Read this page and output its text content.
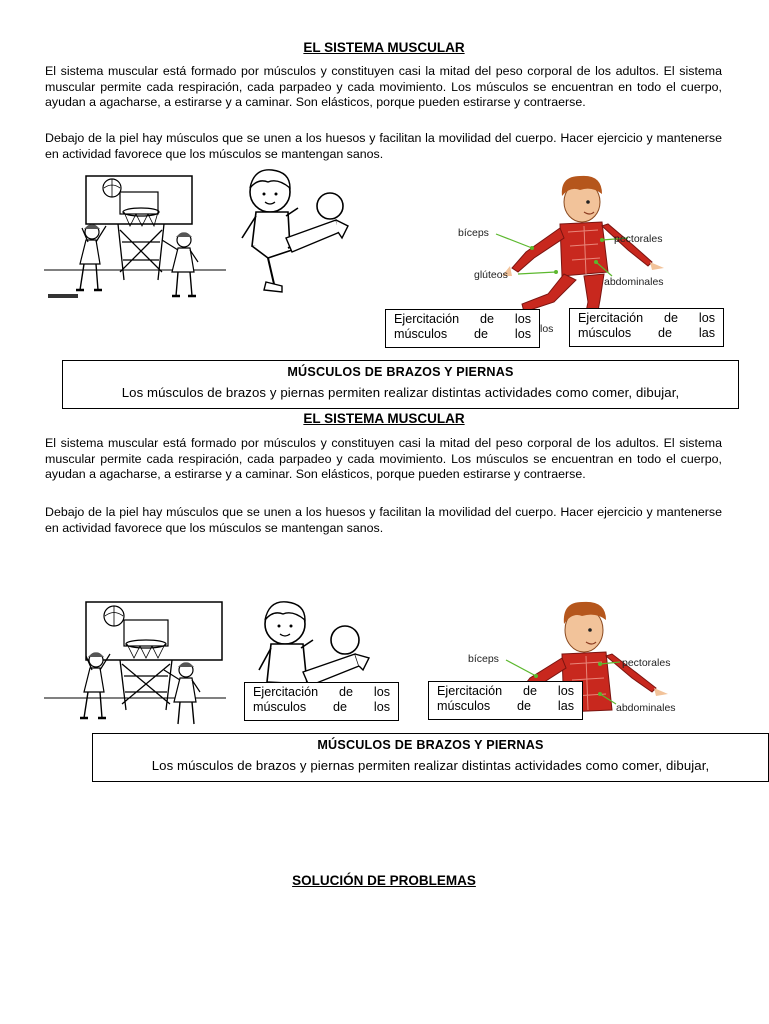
EL SISTEMA MUSCULAR

El sistema muscular está formado por músculos y constituyen casi la mitad del peso corporal de los adultos. El sistema muscular permite cada respiración, cada parpadeo y cada movimiento. Los músculos se encuentran en todo el cuerpo, ayudan a agacharse, a estirarse y a caminar. Son elásticos, porque pueden estirarse y contraerse.

Debajo de la piel hay músculos que se unen a los huesos y facilitan la movilidad del cuerpo. Hacer ejercicio y mantenerse en actividad favorece que los músculos se mantengan sanos.

bíceps	pectorales
glúteos
abdominales
los
Ejercitación de los músculos de los
Ejercitación de los músculos de las
MÚSCULOS DE BRAZOS Y PIERNAS
Los músculos de brazos y piernas permiten realizar distintas actividades como comer, dibujar,
EL SISTEMA MUSCULAR

El sistema muscular está formado por músculos y constituyen casi la mitad del peso corporal de los adultos. El sistema muscular permite cada respiración, cada parpadeo y cada movimiento. Los músculos se encuentran en todo el cuerpo, ayudan a agacharse, a estirarse y a caminar. Son elásticos, porque pueden estirarse y contraerse.

Debajo de la piel hay músculos que se unen a los huesos y facilitan la movilidad del cuerpo. Hacer ejercicio y mantenerse en actividad favorece que los músculos se mantengan sanos.

bíceps	pectorales
abdominales
Ejercitación de los músculos de los
Ejercitación de los músculos de las
MÚSCULOS DE BRAZOS Y PIERNAS
Los músculos de brazos y piernas permiten realizar distintas actividades como comer, dibujar,
SOLUCIÓN DE PROBLEMAS
